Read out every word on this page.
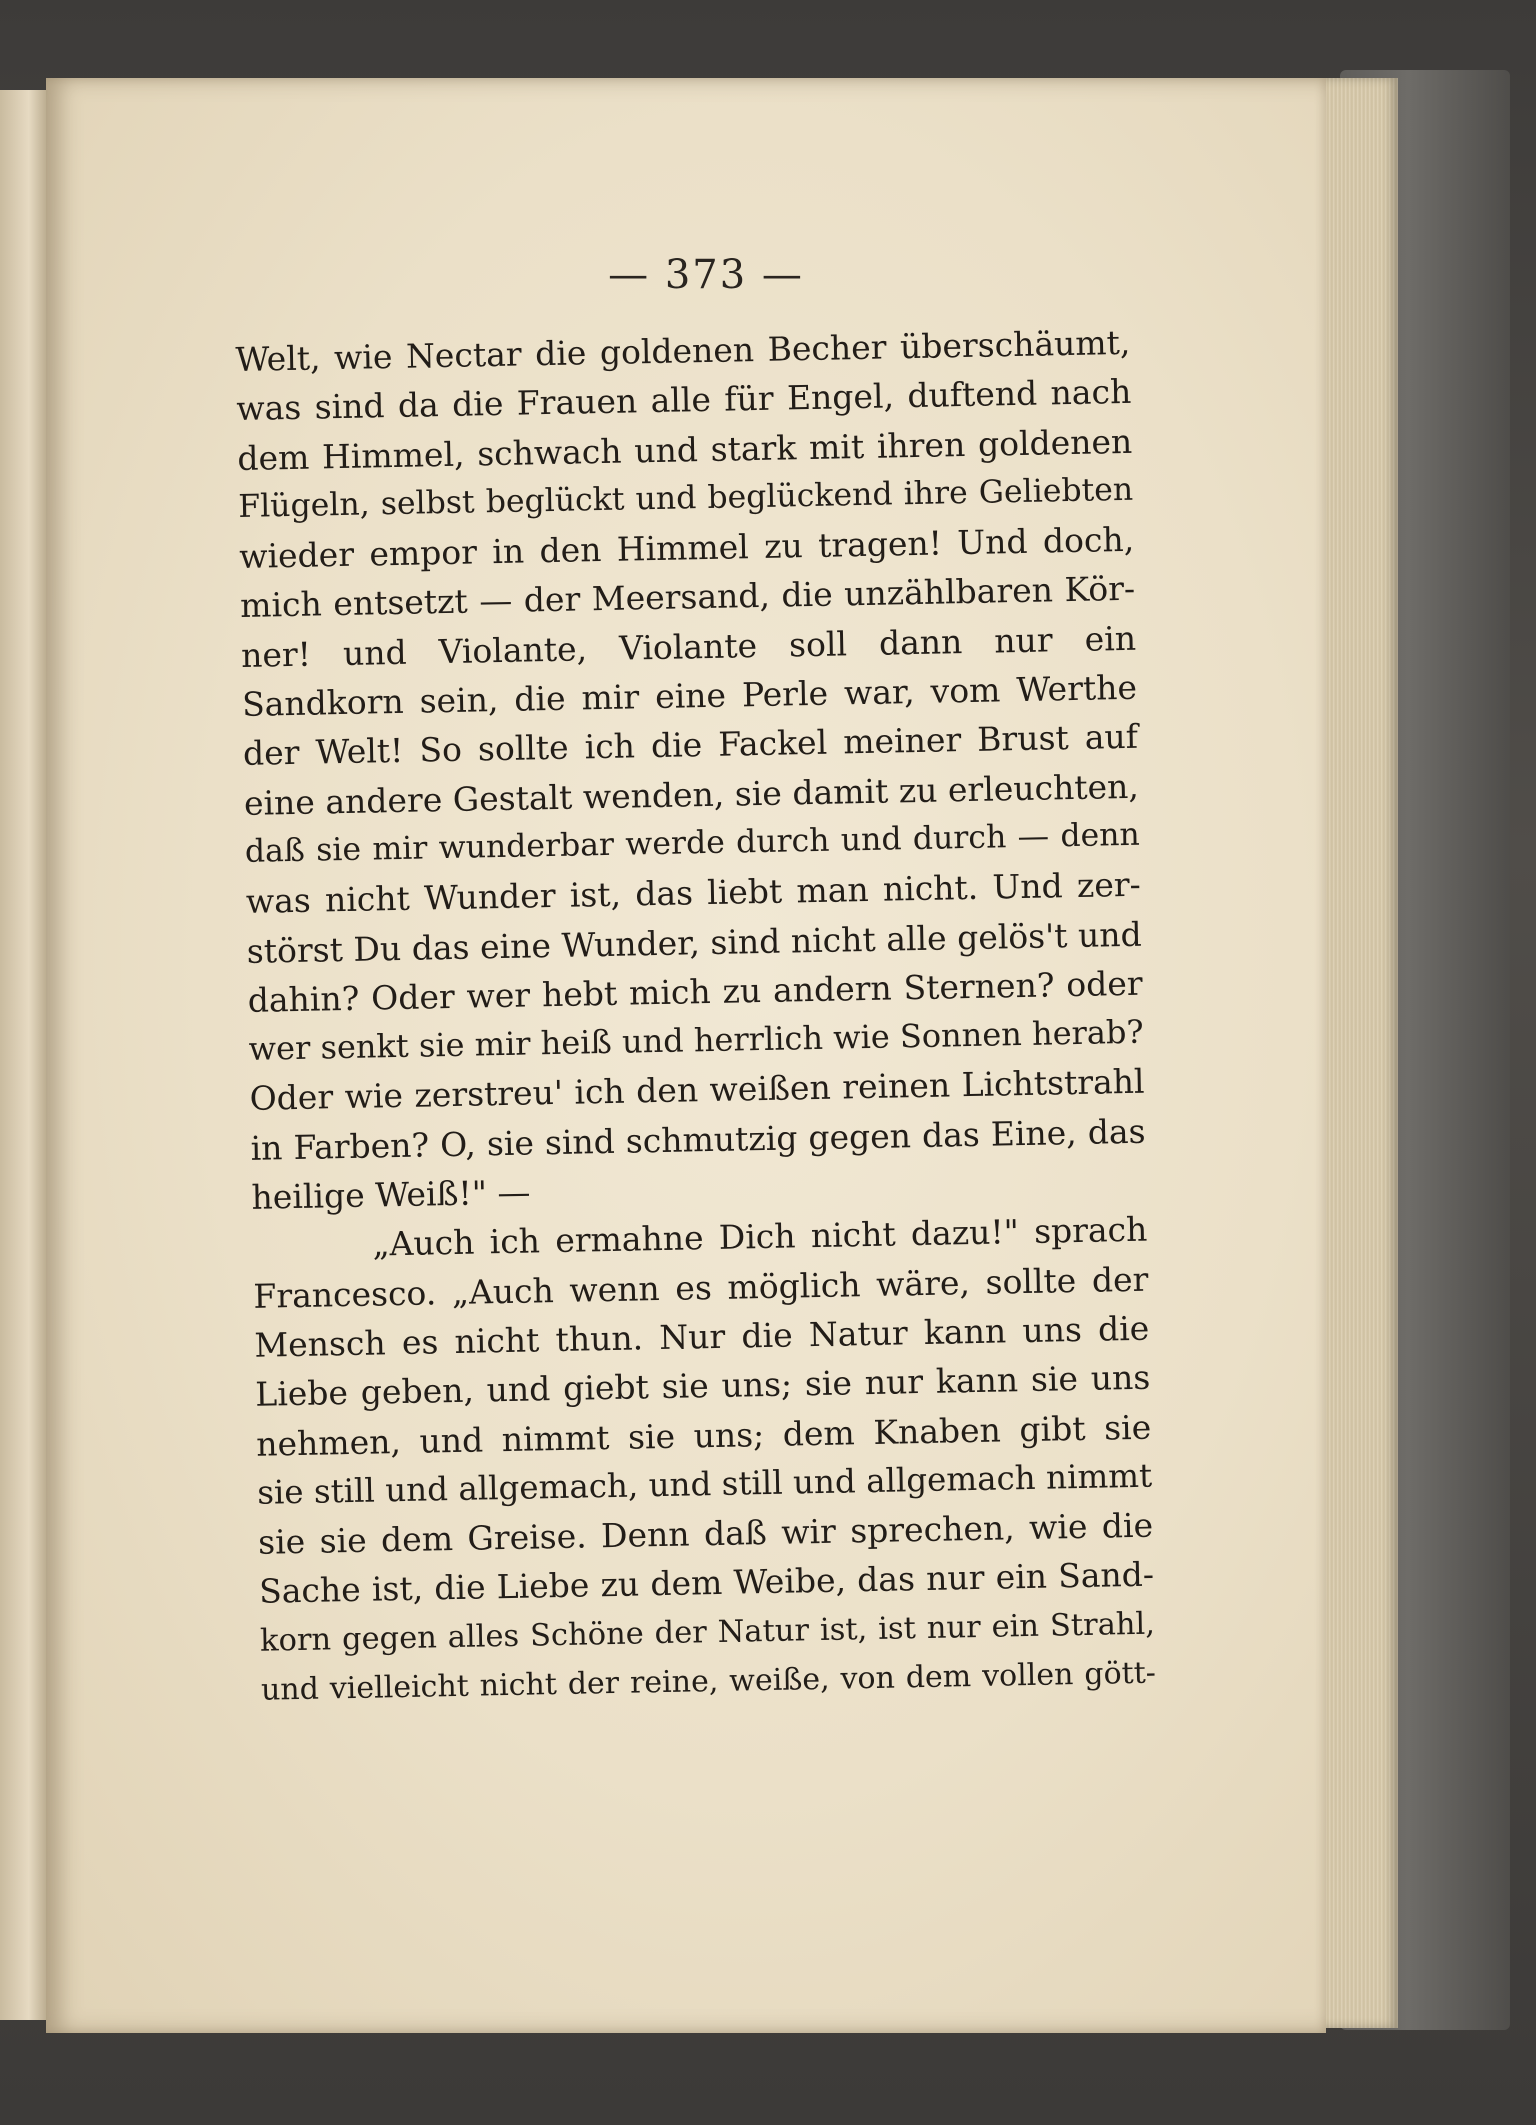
— 373 —
Welt, wie Nectar die goldenen Becher überschäumt,
was sind da die Frauen alle für Engel, duftend nach
dem Himmel, schwach und stark mit ihren goldenen
Flügeln, selbst beglückt und beglückend ihre Geliebten
wieder empor in den Himmel zu tragen! Und doch,
mich entsetzt — der Meersand, die unzählbaren Kör-
ner! und Violante, Violante soll dann nur ein
Sandkorn sein, die mir eine Perle war, vom Werthe
der Welt! So sollte ich die Fackel meiner Brust auf
eine andere Gestalt wenden, sie damit zu erleuchten,
daß sie mir wunderbar werde durch und durch — denn
was nicht Wunder ist, das liebt man nicht. Und zer-
störst Du das eine Wunder, sind nicht alle gelös't und
dahin? Oder wer hebt mich zu andern Sternen? oder
wer senkt sie mir heiß und herrlich wie Sonnen herab?
Oder wie zerstreu' ich den weißen reinen Lichtstrahl
in Farben? O, sie sind schmutzig gegen das Eine, das
heilige Weiß!" —
„Auch ich ermahne Dich nicht dazu!" sprach
Francesco. „Auch wenn es möglich wäre, sollte der
Mensch es nicht thun. Nur die Natur kann uns die
Liebe geben, und giebt sie uns; sie nur kann sie uns
nehmen, und nimmt sie uns; dem Knaben gibt sie
sie still und allgemach, und still und allgemach nimmt
sie sie dem Greise. Denn daß wir sprechen, wie die
Sache ist, die Liebe zu dem Weibe, das nur ein Sand-
korn gegen alles Schöne der Natur ist, ist nur ein Strahl,
und vielleicht nicht der reine, weiße, von dem vollen gött-
